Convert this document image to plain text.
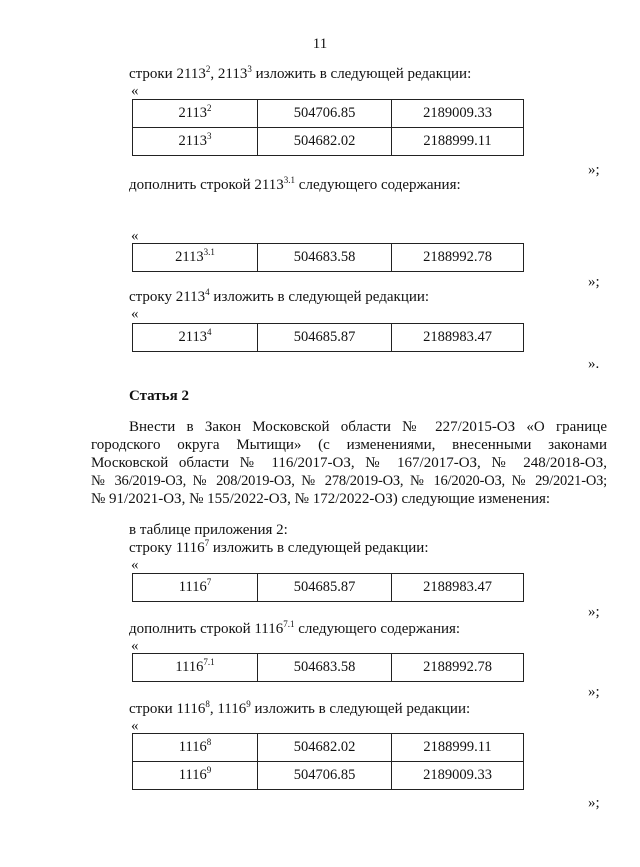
11
строки 2113$^2$, 2113$^3$ изложить в следующей редакции:
«
2113$^2$	504706.85	2189009.33
2113$^3$	504682.02	2188999.11
»;
дополнить строкой $2113^{3.1}$ следующего содержания:
«
$2113^{3.1}$	504683.58	2188992.78
»;
строку 2113$^4$ изложить в следующей редакции:
«
2113$^4$	504685.87	2188983.47
».
Статья 2
Внести в Закон Московской области № 227/2015-ОЗ «О границе
городского округа Мытищи» (с изменениями, внесенными законами
Московской области № 116/2017-ОЗ, № 167/2017-ОЗ, № 248/2018-ОЗ,
№ 36/2019-ОЗ, № 208/2019-ОЗ, № 278/2019-ОЗ, № 16/2020-ОЗ, № 29/2021-ОЗ;
№ 91/2021-ОЗ, № 155/2022-ОЗ, № 172/2022-ОЗ) следующие изменения:
в таблице приложения 2:
строку 1116$^7$ изложить в следующей редакции:
«
1116$^7$	504685.87	2188983.47
»;
дополнить строкой $1116^{7.1}$ следующего содержания:
«
$1116^{7.1}$	504683.58	2188992.78
»;
строки 1116$^8$, 1116$^9$ изложить в следующей редакции:
«
1116$^8$	504682.02	2188999.11
1116$^9$	504706.85	2189009.33
»;
